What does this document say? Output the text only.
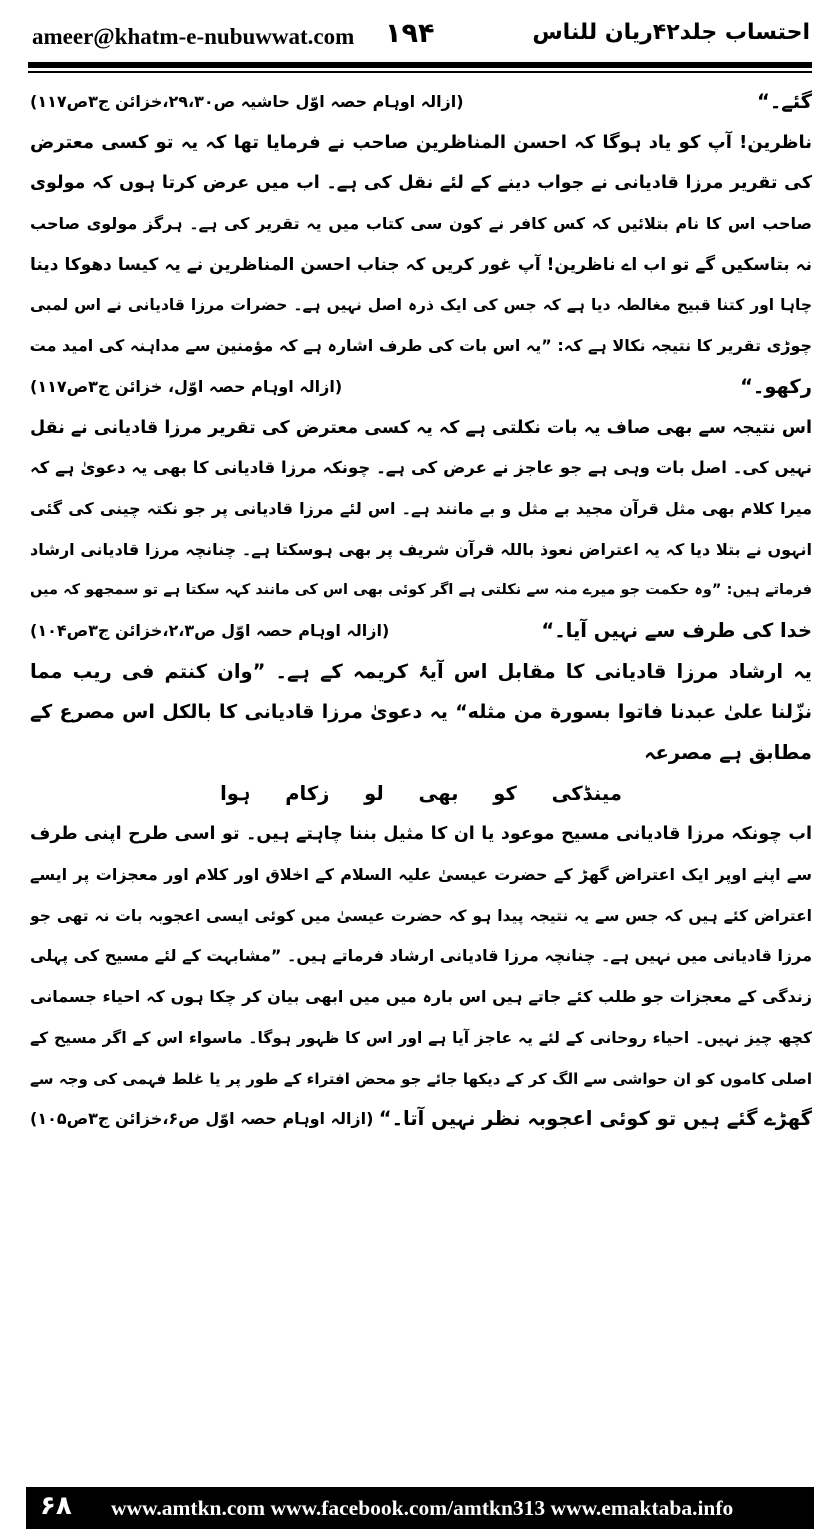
ameer@khatm-e-nubuwwat.com ۱۹۴	احتساب جلد۴۲ریان للناس
گئے۔“
(ازالہ اوہام حصہ اوّل حاشیہ ص۲۹،۳۰،خزائن ج۳ص۱۱۷)
ناظرین! آپ کو یاد ہوگا کہ احسن المناظرین صاحب نے فرمایا تھا کہ یہ تو کسی معترض
کی تقریر مرزا قادیانی نے جواب دینے کے لئے نقل کی ہے۔ اب میں عرض کرتا ہوں کہ مولوی
صاحب اس کا نام بتلائیں کہ کس کافر نے کون سی کتاب میں یہ تقریر کی ہے۔ ہرگز مولوی صاحب
نہ بتاسکیں گے تو اب اے ناظرین! آپ غور کریں کہ جناب احسن المناظرین نے یہ کیسا دھوکا دینا
چاہا اور کتنا قبیح مغالطہ دیا ہے کہ جس کی ایک ذرہ اصل نہیں ہے۔ حضرات مرزا قادیانی نے اس لمبی
چوڑی تقریر کا نتیجہ نکالا ہے کہ: ”یہ اس بات کی طرف اشارہ ہے کہ مؤمنین سے مداہنہ کی امید مت
رکھو۔“
(ازالہ اوہام حصہ اوّل، خزائن ج۳ص۱۱۷)
اس نتیجہ سے بھی صاف یہ بات نکلتی ہے کہ یہ کسی معترض کی تقریر مرزا قادیانی نے نقل
نہیں کی۔ اصل بات وہی ہے جو عاجز نے عرض کی ہے۔ چونکہ مرزا قادیانی کا بھی یہ دعویٰ ہے کہ
میرا کلام بھی مثل قرآن مجید بے مثل و بے مانند ہے۔ اس لئے مرزا قادیانی پر جو نکتہ چینی کی گئی
انہوں نے بتلا دیا کہ یہ اعتراض نعوذ باللہ قرآن شریف پر بھی ہوسکتا ہے۔ چنانچہ مرزا قادیانی ارشاد
فرماتے ہیں: ”وہ حکمت جو میرے منہ سے نکلتی ہے اگر کوئی بھی اس کی مانند کہہ سکتا ہے تو سمجھو کہ میں
خدا کی طرف سے نہیں آیا۔“
(ازالہ اوہام حصہ اوّل ص۲،۳،خزائن ج۳ص۱۰۴)
یہ ارشاد مرزا قادیانی کا مقابل اس آیۂ کریمہ کے ہے۔ ”وان کنتم فی ریب مما
نزّلنا علیٰ عبدنا فاتوا بسورة من مثله“ یہ دعویٰ مرزا قادیانی کا بالکل اس مصرع کے
مطابق ہے مصرعہ
مینڈکی کو بھی لو زکام ہوا
اب چونکہ مرزا قادیانی مسیح موعود یا ان کا مثیل بننا چاہتے ہیں۔ تو اسی طرح اپنی طرف
سے اپنے اوپر ایک اعتراض گھڑ کے حضرت عیسیٰ علیہ السلام کے اخلاق اور کلام اور معجزات پر ایسے
اعتراض کئے ہیں کہ جس سے یہ نتیجہ پیدا ہو کہ حضرت عیسیٰ میں کوئی ایسی اعجوبہ بات نہ تھی جو
مرزا قادیانی میں نہیں ہے۔ چنانچہ مرزا قادیانی ارشاد فرماتے ہیں۔ ”مشابہت کے لئے مسیح کی پہلی
زندگی کے معجزات جو طلب کئے جاتے ہیں اس بارہ میں میں ابھی بیان کر چکا ہوں کہ احیاء جسمانی
کچھ چیز نہیں۔ احیاء روحانی کے لئے یہ عاجز آیا ہے اور اس کا ظہور ہوگا۔ ماسواء اس کے اگر مسیح کے
اصلی کاموں کو ان حواشی سے الگ کر کے دیکھا جائے جو محض افتراء کے طور پر یا غلط فہمی کی وجہ سے
گھڑے گئے ہیں تو کوئی اعجوبہ نظر نہیں آتا۔“
(ازالہ اوہام حصہ اوّل ص۶،خزائن ج۳ص۱۰۵)
۶۸ www.amtkn.com www.facebook.com/amtkn313 www.emaktaba.info
